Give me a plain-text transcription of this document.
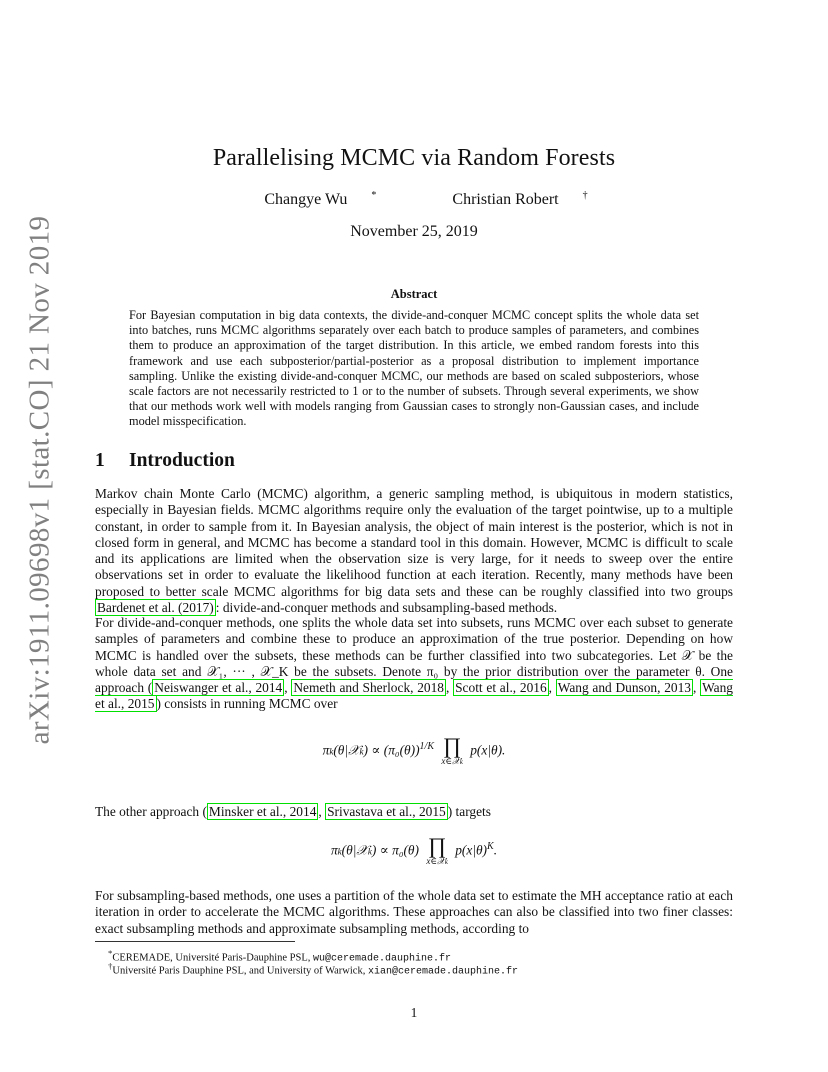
arXiv:1911.09698v1 [stat.CO] 21 Nov 2019
Parallelising MCMC via Random Forests
Changye Wu *	Christian Robert †
November 25, 2019
Abstract
For Bayesian computation in big data contexts, the divide-and-conquer MCMC concept splits the whole data set into batches, runs MCMC algorithms separately over each batch to produce samples of parameters, and combines them to produce an approximation of the target distribution. In this article, we embed random forests into this framework and use each subposterior/partial-posterior as a proposal distribution to implement importance sampling. Unlike the existing divide-and-conquer MCMC, our methods are based on scaled subposteriors, whose scale factors are not necessarily restricted to 1 or to the number of subsets. Through several experiments, we show that our methods work well with models ranging from Gaussian cases to strongly non-Gaussian cases, and include model misspecification.
1 Introduction
Markov chain Monte Carlo (MCMC) algorithm, a generic sampling method, is ubiquitous in modern statistics, especially in Bayesian fields. MCMC algorithms require only the evaluation of the target pointwise, up to a multiple constant, in order to sample from it. In Bayesian analysis, the object of main interest is the posterior, which is not in closed form in general, and MCMC has become a standard tool in this domain. However, MCMC is difficult to scale and its applications are limited when the observation size is very large, for it needs to sweep over the entire observations set in order to evaluate the likelihood function at each iteration. Recently, many methods have been proposed to better scale MCMC algorithms for big data sets and these can be roughly classified into two groups Bardenet et al. (2017) : divide-and-conquer methods and subsampling-based methods.
For divide-and-conquer methods, one splits the whole data set into subsets, runs MCMC over each subset to generate samples of parameters and combine these to produce an approximation of the true posterior. Depending on how MCMC is handled over the subsets, these methods can be further classified into two subcategories. Let 𝒳 be the whole data set and 𝒳₁, ··· , 𝒳_K be the subsets. Denote π₀ by the prior distribution over the parameter θ. One approach ( Neiswanger et al., 2014 , Nemeth and Sherlock, 2018 , Scott et al., 2016 , Wang and Dunson, 2013 , Wang et al., 2015 ) consists in running MCMC over
πk(θ|𝒳k) ∝ $(\pi_0(\theta))^{1/K}$ ∏
x∈𝒳k
p(x|θ).
The other approach ( Minsker et al., 2014 , Srivastava et al., 2015 ) targets
πk(θ|𝒳k) ∝ π₀(θ) ∏
x∈𝒳k
$p(x|\theta)^K$.
For subsampling-based methods, one uses a partition of the whole data set to estimate the MH acceptance ratio at each iteration in order to accelerate the MCMC algorithms. These approaches can also be classified into two finer classes: exact subsampling methods and approximate subsampling methods, according to
*CEREMADE, Université Paris-Dauphine PSL, wu@ceremade.dauphine.fr
†Université Paris Dauphine PSL, and University of Warwick, xian@ceremade.dauphine.fr
1
